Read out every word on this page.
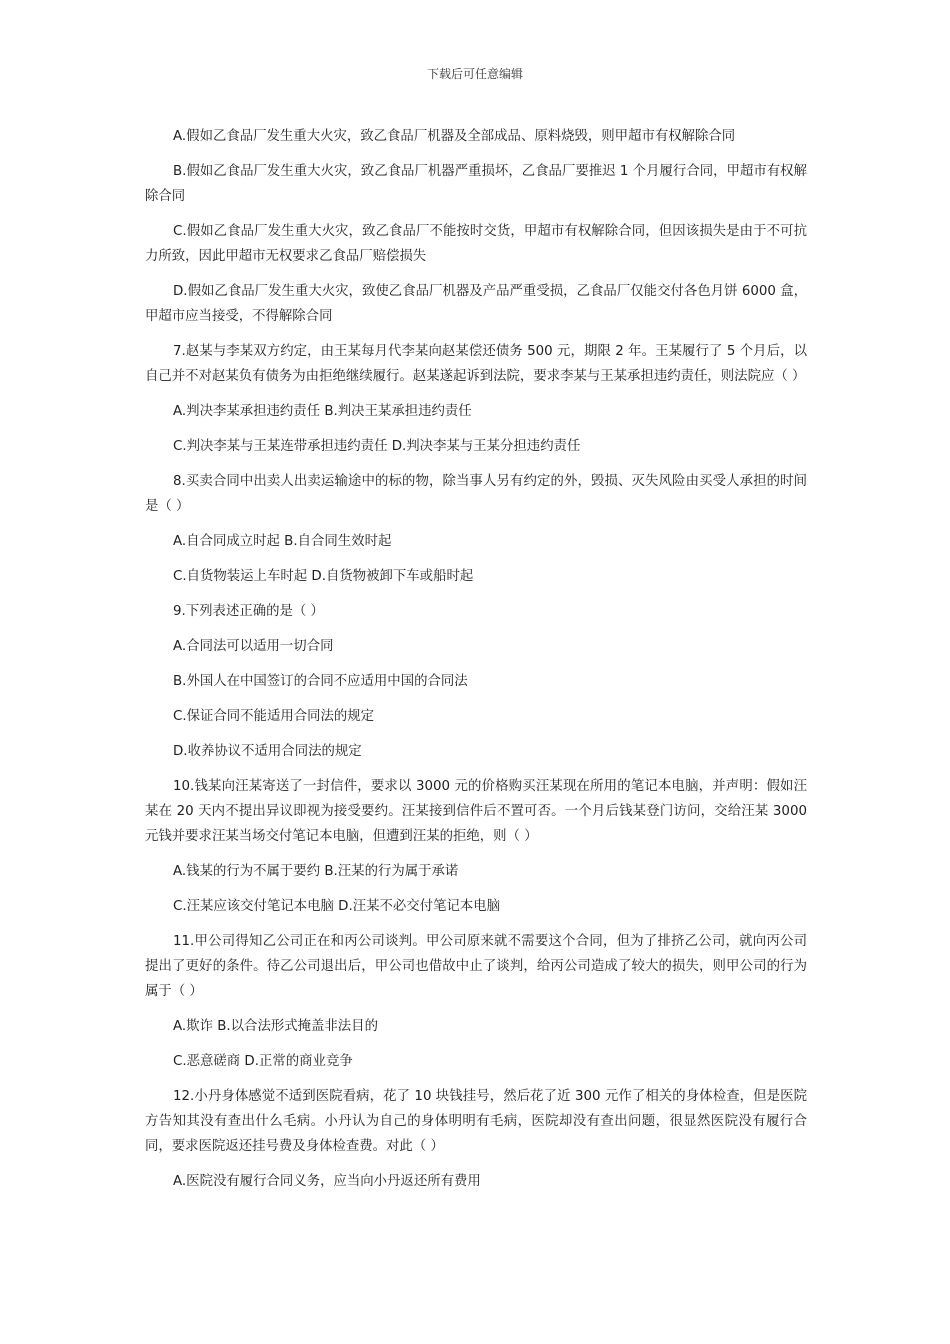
下载后可任意编辑

A.假如乙食品厂发生重大火灾，致乙食品厂机器及全部成品、原料烧毁，则甲超市有权解除合同

B.假如乙食品厂发生重大火灾，致乙食品厂机器严重损坏，乙食品厂要推迟 1 个月履行合同，甲超市有权解除合同

C.假如乙食品厂发生重大火灾，致乙食品厂不能按时交货，甲超市有权解除合同，但因该损失是由于不可抗力所致，因此甲超市无权要求乙食品厂赔偿损失

D.假如乙食品厂发生重大火灾，致使乙食品厂机器及产品严重受损，乙食品厂仅能交付各色月饼 6000 盒，甲超市应当接受，不得解除合同

7.赵某与李某双方约定，由王某每月代李某向赵某偿还债务 500 元，期限 2 年。王某履行了 5 个月后，以自己并不对赵某负有债务为由拒绝继续履行。赵某遂起诉到法院，要求李某与王某承担违约责任，则法院应（ ）

A.判决李某承担违约责任 B.判决王某承担违约责任

C.判决李某与王某连带承担违约责任 D.判决李某与王某分担违约责任

8.买卖合同中出卖人出卖运输途中的标的物，除当事人另有约定的外，毁损、灭失风险由买受人承担的时间是（ ）

A.自合同成立时起 B.自合同生效时起

C.自货物装运上车时起 D.自货物被卸下车或船时起

9.下列表述正确的是（ ）

A.合同法可以适用一切合同

B.外国人在中国签订的合同不应适用中国的合同法

C.保证合同不能适用合同法的规定

D.收养协议不适用合同法的规定

10.钱某向汪某寄送了一封信件，要求以 3000 元的价格购买汪某现在所用的笔记本电脑，并声明：假如汪某在 20 天内不提出异议即视为接受要约。汪某接到信件后不置可否。一个月后钱某登门访问，交给汪某 3000 元钱并要求汪某当场交付笔记本电脑，但遭到汪某的拒绝，则（ ）

A.钱某的行为不属于要约 B.汪某的行为属于承诺

C.汪某应该交付笔记本电脑 D.汪某不必交付笔记本电脑

11.甲公司得知乙公司正在和丙公司谈判。甲公司原来就不需要这个合同，但为了排挤乙公司，就向丙公司提出了更好的条件。待乙公司退出后，甲公司也借故中止了谈判，给丙公司造成了较大的损失，则甲公司的行为属于（ ）

A.欺诈 B.以合法形式掩盖非法目的

C.恶意磋商 D.正常的商业竞争

12.小丹身体感觉不适到医院看病，花了 10 块钱挂号，然后花了近 300 元作了相关的身体检查，但是医院方告知其没有查出什么毛病。小丹认为自己的身体明明有毛病，医院却没有查出问题，很显然医院没有履行合同，要求医院返还挂号费及身体检查费。对此（ ）

A.医院没有履行合同义务，应当向小丹返还所有费用
